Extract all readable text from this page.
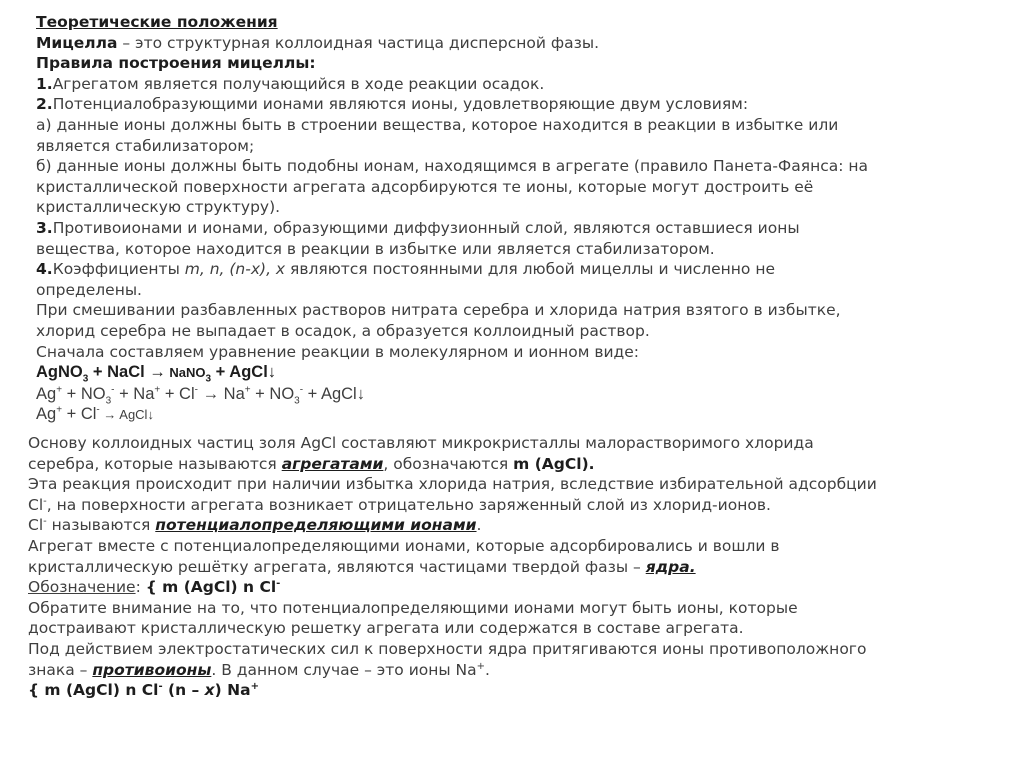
Теоретические положения
Мицелла – это структурная коллоидная частица дисперсной фазы.
Правила построения мицеллы:
1.Агрегатом является получающийся в ходе реакции осадок.
2.Потенциалобразующими ионами являются ионы, удовлетворяющие двум условиям:
а) данные ионы должны быть в строении вещества, которое находится в реакции в избытке или
является стабилизатором;
б) данные ионы должны быть подобны ионам, находящимся в агрегате (правило Панета-Фаянса: на
кристаллической поверхности агрегата адсорбируются те ионы, которые могут достроить её
кристаллическую структуру).
3.Противоионами и ионами, образующими диффузионный слой, являются оставшиеся ионы
вещества, которое находится в реакции в избытке или является стабилизатором.
4.Коэффициенты m, n, (n-x), x являются постоянными для любой мицеллы и численно не
определены.
При смешивании разбавленных растворов нитрата серебра и хлорида натрия взятого в избытке,
хлорид серебра не выпадает в осадок, а образуется коллоидный раствор.
Сначала составляем уравнение реакции в молекулярном и ионном виде:
AgNO$_3$ + NaCl → NaNO$_3$ + AgCl↓
$Ag^+ + NO_3^- + Na^+ + Cl^- \to Na^+ + NO_3^-$ + AgCl↓
Ag+ + Cl- → AgCl↓
Основу коллоидных частиц золя AgCl составляют микрокристаллы малорастворимого хлорида
серебра, которые называются агрегатами, обозначаются m (AgCl).
Эта реакция происходит при наличии избытка хлорида натрия, вследствие избирательной адсорбции
Cl-, на поверхности агрегата возникает отрицательно заряженный слой из хлорид-ионов.
Cl- называются потенциалопределяющими ионами.
Агрегат вместе с потенциалопределяющими ионами, которые адсорбировались и вошли в
кристаллическую решётку агрегата, являются частицами твердой фазы – ядра.
Обозначение: { m (AgCl) n Cl-
Обратите внимание на то, что потенциалопределяющими ионами могут быть ионы, которые
достраивают кристаллическую решетку агрегата или содержатся в составе агрегата.
Под действием электростатических сил к поверхности ядра притягиваются ионы противоположного
знака – противоионы. В данном случае – это ионы Na+.
{ m (AgCl) n Cl- (n – x) Na+
